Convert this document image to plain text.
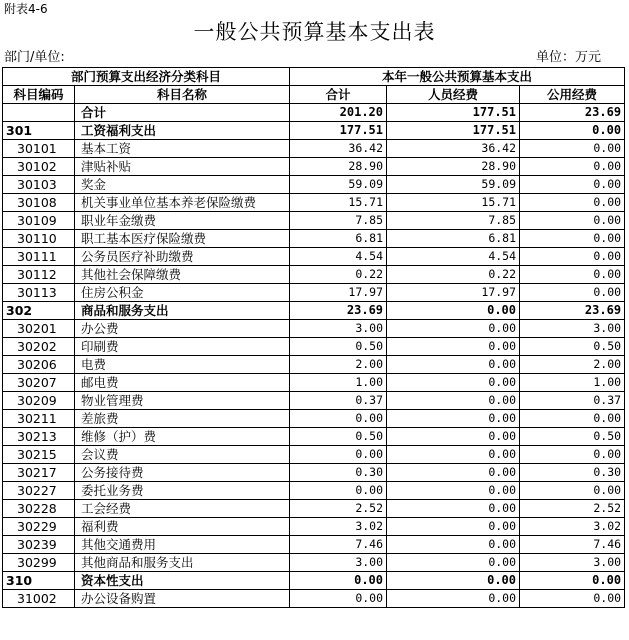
附表4-6
一般公共预算基本支出表
部门/单位:	单位：万元
部门预算支出经济分类科目		本年一般公共预算基本支出		
科目编码	科目名称	合计	人员经费	公用经费
	合计	201.20	177.51	23.69
301	工资福利支出	177.51	177.51	0.00
30101	基本工资	36.42	36.42	0.00
30102	津贴补贴	28.90	28.90	0.00
30103	奖金	59.09	59.09	0.00
30108	机关事业单位基本养老保险缴费	15.71	15.71	0.00
30109	职业年金缴费	7.85	7.85	0.00
30110	职工基本医疗保险缴费	6.81	6.81	0.00
30111	公务员医疗补助缴费	4.54	4.54	0.00
30112	其他社会保障缴费	0.22	0.22	0.00
30113	住房公积金	17.97	17.97	0.00
302	商品和服务支出	23.69	0.00	23.69
30201	办公费	3.00	0.00	3.00
30202	印刷费	0.50	0.00	0.50
30206	电费	2.00	0.00	2.00
30207	邮电费	1.00	0.00	1.00
30209	物业管理费	0.37	0.00	0.37
30211	差旅费	0.00	0.00	0.00
30213	维修（护）费	0.50	0.00	0.50
30215	会议费	0.00	0.00	0.00
30217	公务接待费	0.30	0.00	0.30
30227	委托业务费	0.00	0.00	0.00
30228	工会经费	2.52	0.00	2.52
30229	福利费	3.02	0.00	3.02
30239	其他交通费用	7.46	0.00	7.46
30299	其他商品和服务支出	3.00	0.00	3.00
310	资本性支出	0.00	0.00	0.00
31002	办公设备购置	0.00	0.00	0.00
